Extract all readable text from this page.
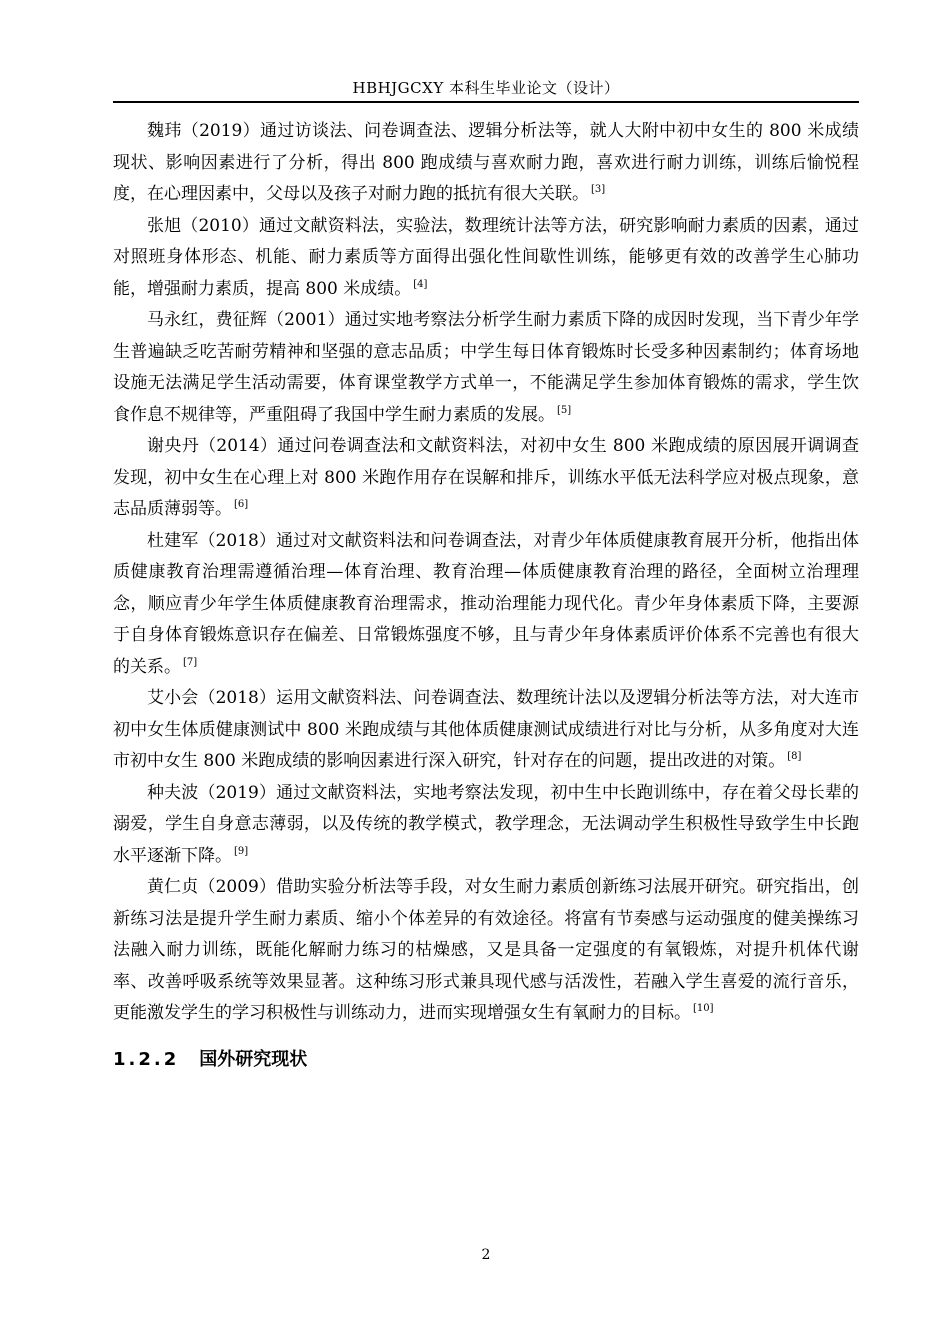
HBHJGCXY 本科生毕业论文（设计）

魏玮（2019）通过访谈法、问卷调查法、逻辑分析法等，就人大附中初中女生的 800 米成绩现状、影响因素进行了分析，得出 800 跑成绩与喜欢耐力跑，喜欢进行耐力训练，训练后愉悦程度，在心理因素中，父母以及孩子对耐力跑的抵抗有很大关联。 [3]

张旭（2010）通过文献资料法，实验法，数理统计法等方法，研究影响耐力素质的因素，通过对照班身体形态、机能、耐力素质等方面得出强化性间歇性训练，能够更有效的改善学生心肺功能，增强耐力素质，提高 800 米成绩。 [4]

马永红，费征辉（2001）通过实地考察法分析学生耐力素质下降的成因时发现，当下青少年学生普遍缺乏吃苦耐劳精神和坚强的意志品质；中学生每日体育锻炼时长受多种因素制约；体育场地设施无法满足学生活动需要，体育课堂教学方式单一，不能满足学生参加体育锻炼的需求，学生饮食作息不规律等，严重阻碍了我国中学生耐力素质的发展。 [5]

谢央丹（2014）通过问卷调查法和文献资料法，对初中女生 800 米跑成绩的原因展开调调查发现，初中女生在心理上对 800 米跑作用存在误解和排斥，训练水平低无法科学应对极点现象，意志品质薄弱等。 [6]

杜建军（2018）通过对文献资料法和问卷调查法，对青少年体质健康教育展开分析，他指出体质健康教育治理需遵循治理—体育治理、教育治理—体质健康教育治理的路径，全面树立治理理念，顺应青少年学生体质健康教育治理需求，推动治理能力现代化。青少年身体素质下降，主要源于自身体育锻炼意识存在偏差、日常锻炼强度不够，且与青少年身体素质评价体系不完善也有很大的关系。 [7]

艾小会（2018）运用文献资料法、问卷调查法、数理统计法以及逻辑分析法等方法，对大连市初中女生体质健康测试中 800 米跑成绩与其他体质健康测试成绩进行对比与分析，从多角度对大连市初中女生 800 米跑成绩的影响因素进行深入研究，针对存在的问题，提出改进的对策。 [8]

种夫波（2019）通过文献资料法，实地考察法发现，初中生中长跑训练中，存在着父母长辈的溺爱，学生自身意志薄弱，以及传统的教学模式，教学理念，无法调动学生积极性导致学生中长跑水平逐渐下降。 [9]

黄仁贞（2009）借助实验分析法等手段，对女生耐力素质创新练习法展开研究。研究指出，创新练习法是提升学生耐力素质、缩小个体差异的有效途径。将富有节奏感与运动强度的健美操练习法融入耐力训练，既能化解耐力练习的枯燥感，又是具备一定强度的有氧锻炼，对提升机体代谢率、改善呼吸系统等效果显著。这种练习形式兼具现代感与活泼性，若融入学生喜爱的流行音乐，更能激发学生的学习积极性与训练动力，进而实现增强女生有氧耐力的目标。 [10]

1.2.2 国外研究现状
2
